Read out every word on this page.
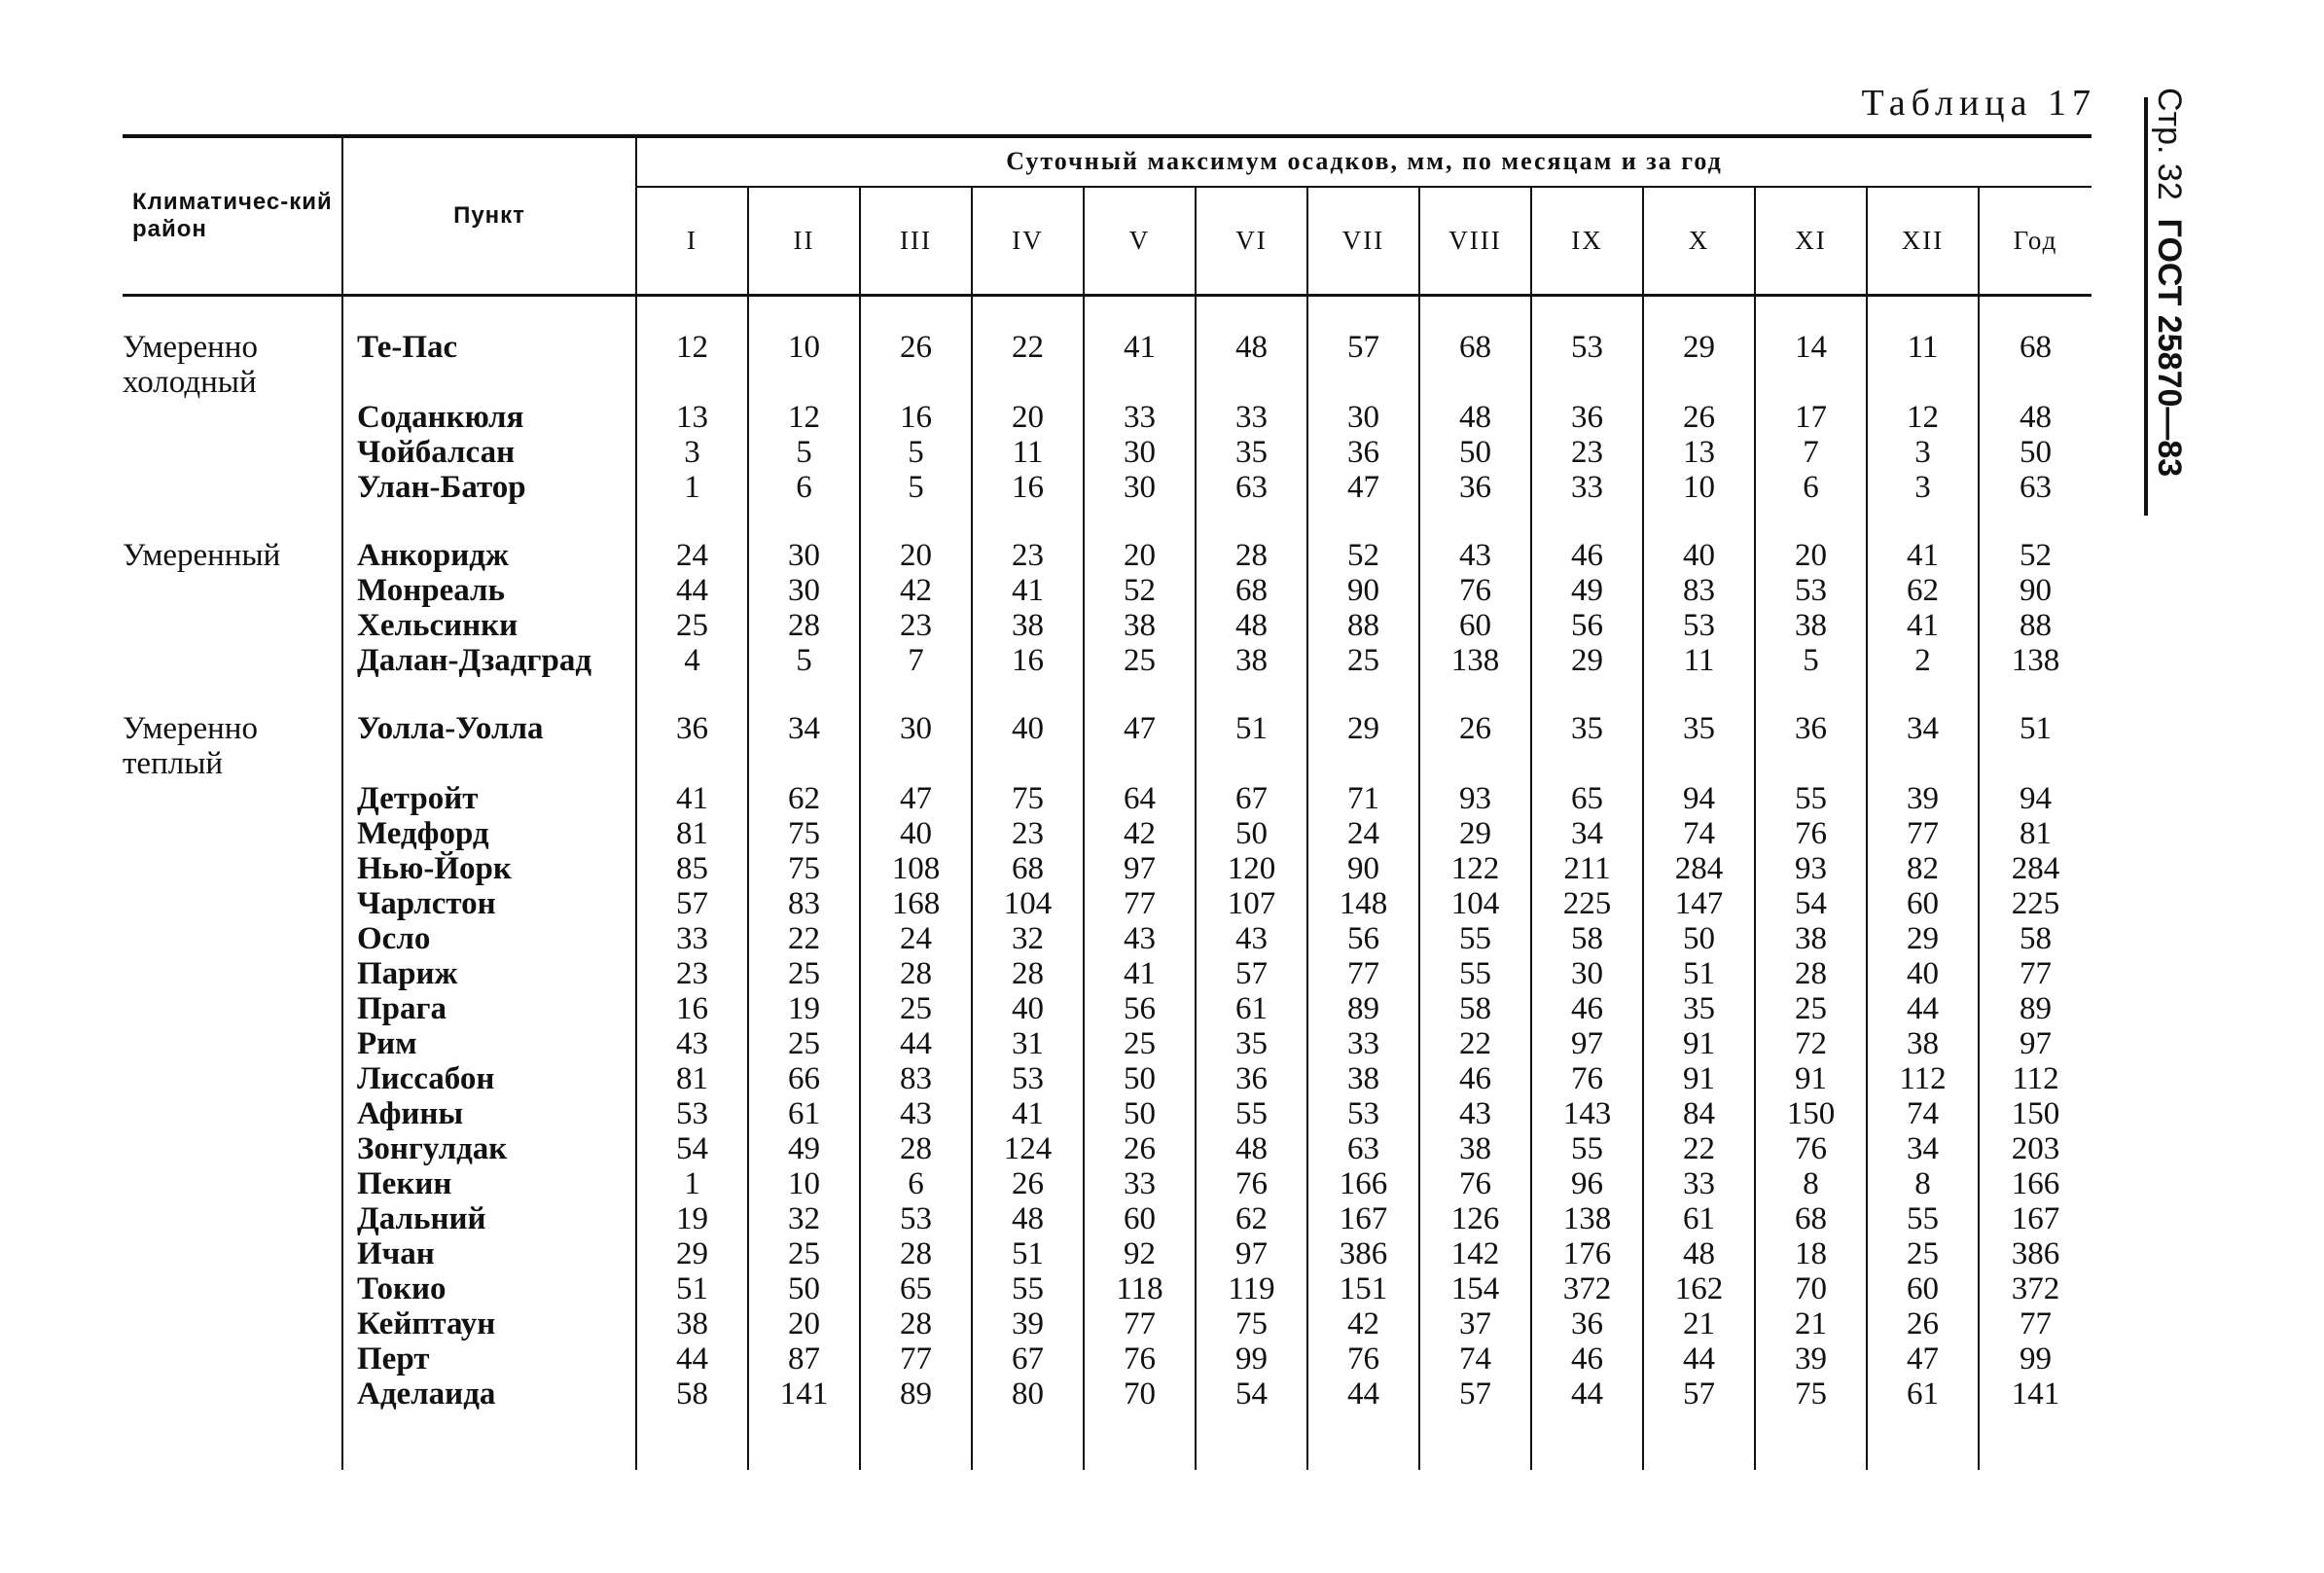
Таблица 17 Стр. 32  ГОСТ 25870—83
Климатичес-кий район	Пункт	Суточный максимум осадков, мм, по месяцам и за год												
		I	II	III	IV	V	VI	VII	VIII	IX	X	XI	XII	Год

Умеренно холодный	Те-Пас	12	10	26	22	41	48	57	68	53	29	14	11	68
	Соданкюля	13	12	16	20	33	33	30	48	36	26	17	12	48
	Чойбалсан	3	5	5	11	30	35	36	50	23	13	7	3	50
	Улан-Батор	1	6	5	16	30	63	47	36	33	10	6	3	63

Умеренный	Анкоридж	24	30	20	23	20	28	52	43	46	40	20	41	52
	Монреаль	44	30	42	41	52	68	90	76	49	83	53	62	90
	Хельсинки	25	28	23	38	38	48	88	60	56	53	38	41	88
	Далан-Дзадград	4	5	7	16	25	38	25	138	29	11	5	2	138

Умеренно теплый	Уолла-Уолла	36	34	30	40	47	51	29	26	35	35	36	34	51
	Детройт	41	62	47	75	64	67	71	93	65	94	55	39	94
	Медфорд	81	75	40	23	42	50	24	29	34	74	76	77	81
	Нью-Йорк	85	75	108	68	97	120	90	122	211	284	93	82	284
	Чарлстон	57	83	168	104	77	107	148	104	225	147	54	60	225
	Осло	33	22	24	32	43	43	56	55	58	50	38	29	58
	Париж	23	25	28	28	41	57	77	55	30	51	28	40	77
	Прага	16	19	25	40	56	61	89	58	46	35	25	44	89
	Рим	43	25	44	31	25	35	33	22	97	91	72	38	97
	Лиссабон	81	66	83	53	50	36	38	46	76	91	91	112	112
	Афины	53	61	43	41	50	55	53	43	143	84	150	74	150
	Зонгулдак	54	49	28	124	26	48	63	38	55	22	76	34	203
	Пекин	1	10	6	26	33	76	166	76	96	33	8	8	166
	Дальний	19	32	53	48	60	62	167	126	138	61	68	55	167
	Ичан	29	25	28	51	92	97	386	142	176	48	18	25	386
	Токио	51	50	65	55	118	119	151	154	372	162	70	60	372
	Кейптаун	38	20	28	39	77	75	42	37	36	21	21	26	77
	Перт	44	87	77	67	76	99	76	74	46	44	39	47	99
	Аделаида	58	141	89	80	70	54	44	57	44	57	75	61	141
